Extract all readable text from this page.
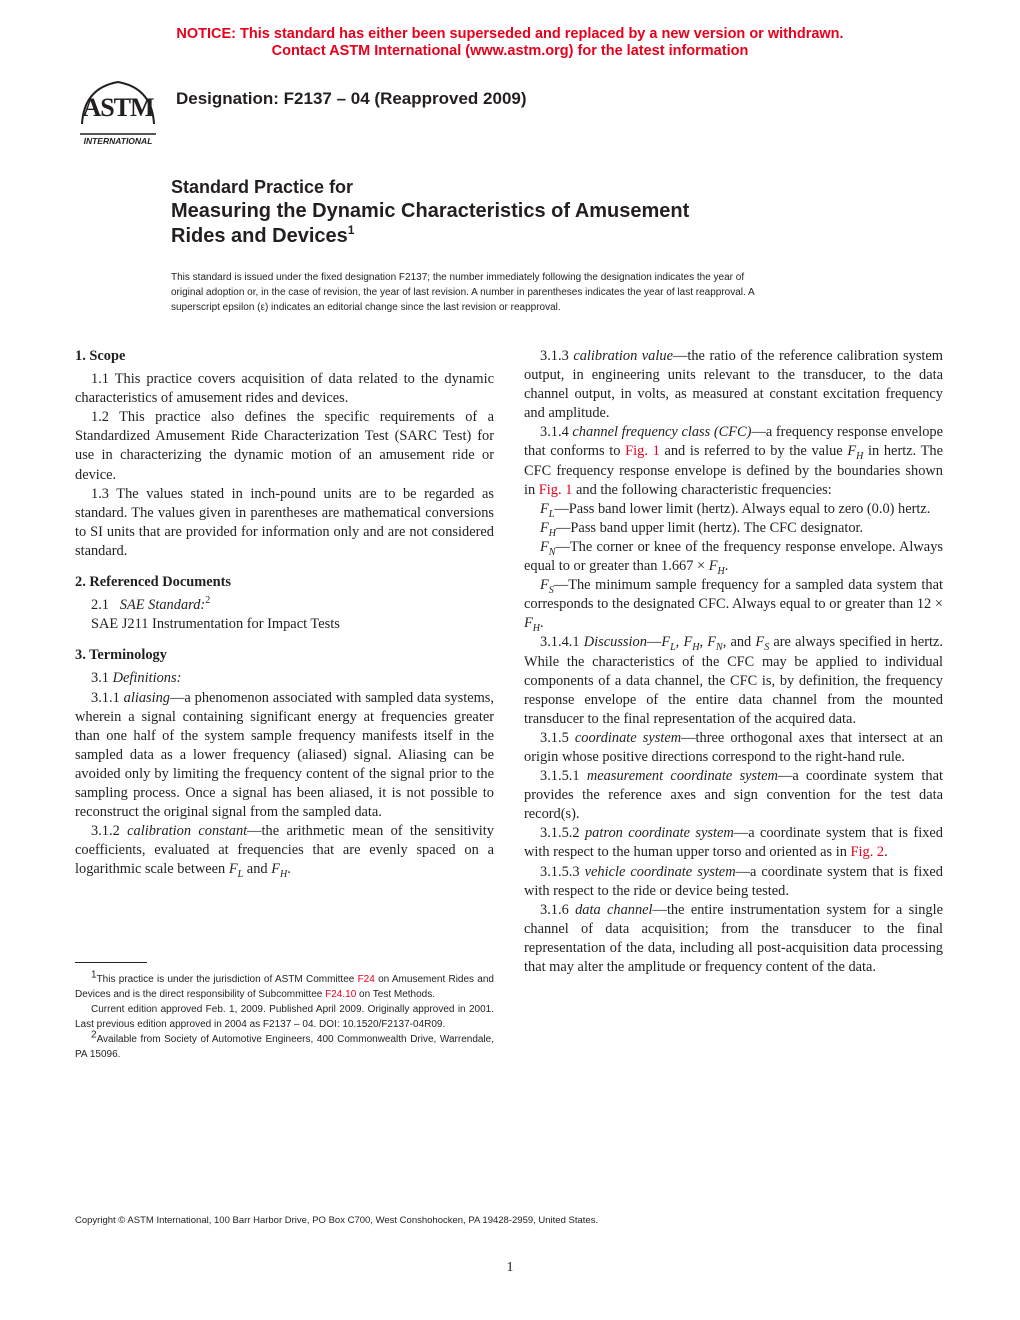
NOTICE: This standard has either been superseded and replaced by a new version or withdrawn.
Contact ASTM International (www.astm.org) for the latest information
ASTM
INTERNATIONAL
Designation: F2137 – 04 (Reapproved 2009)
Standard Practice for
Measuring the Dynamic Characteristics of Amusement
Rides and Devices$^1$
This standard is issued under the fixed designation F2137; the number immediately following the designation indicates the year of
original adoption or, in the case of revision, the year of last revision. A number in parentheses indicates the year of last reapproval. A
superscript epsilon (ε) indicates an editorial change since the last revision or reapproval.

1. Scope

1.1 This practice covers acquisition of data related to the dynamic characteristics of amusement rides and devices.

1.2 This practice also defines the specific requirements of a Standardized Amusement Ride Characterization Test (SARC Test) for use in characterizing the dynamic motion of an amusement ride or device.

1.3 The values stated in inch-pound units are to be regarded as standard. The values given in parentheses are mathematical conversions to SI units that are provided for information only and are not considered standard.

2. Referenced Documents

2.1 SAE Standard:$^2$

SAE J211 Instrumentation for Impact Tests

3. Terminology

3.1 Definitions:

3.1.1 aliasing—a phenomenon associated with sampled data systems, wherein a signal containing significant energy at frequencies greater than one half of the system sample frequency manifests itself in the sampled data as a lower frequency (aliased) signal. Aliasing can be avoided only by limiting the frequency content of the signal prior to the sampling process. Once a signal has been aliased, it is not possible to reconstruct the original signal from the sampled data.

3.1.2 calibration constant—the arithmetic mean of the sensitivity coefficients, evaluated at frequencies that are evenly spaced on a logarithmic scale between $F_L$ and $F_H$.

$^1$This practice is under the jurisdiction of ASTM Committee F24 on Amusement Rides and Devices and is the direct responsibility of Subcommittee F24.10 on Test Methods.

Current edition approved Feb. 1, 2009. Published April 2009. Originally approved in 2001. Last previous edition approved in 2004 as F2137 – 04. DOI: 10.1520/F2137-04R09.

$^2$Available from Society of Automotive Engineers, 400 Commonwealth Drive, Warrendale, PA 15096.

3.1.3 calibration value—the ratio of the reference calibration system output, in engineering units relevant to the transducer, to the data channel output, in volts, as measured at constant excitation frequency and amplitude.

3.1.4 channel frequency class (CFC)—a frequency response envelope that conforms to Fig. 1 and is referred to by the value $F_H$ in hertz. The CFC frequency response envelope is defined by the boundaries shown in Fig. 1 and the following characteristic frequencies:

$F_L—Pass$ band lower limit (hertz). Always equal to zero (0.0) hertz.

$F_H—Pass$ band upper limit (hertz). The CFC designator.

$F_N—The$ corner or knee of the frequency response envelope. Always equal to or greater than $1.667 \times F_H$.

$F_S—The$ minimum sample frequency for a sampled data system that corresponds to the designated CFC. Always equal to or greater than $12 \times F_H$.

3.1.4.1 $Discussion—F_L$, $F_H$, $F_N$, and $F_S$ are always specified in hertz. While the characteristics of the CFC may be applied to individual components of a data channel, the CFC is, by definition, the frequency response envelope of the entire data channel from the mounted transducer to the final representation of the acquired data.

3.1.5 coordinate system—three orthogonal axes that intersect at an origin whose positive directions correspond to the right-hand rule.

3.1.5.1 measurement coordinate system—a coordinate system that provides the reference axes and sign convention for the test data record(s).

3.1.5.2 patron coordinate system—a coordinate system that is fixed with respect to the human upper torso and oriented as in Fig. 2.

3.1.5.3 vehicle coordinate system—a coordinate system that is fixed with respect to the ride or device being tested.

3.1.6 data channel—the entire instrumentation system for a single channel of data acquisition; from the transducer to the final representation of the data, including all post-acquisition data processing that may alter the amplitude or frequency content of the data.

Copyright © ASTM International, 100 Barr Harbor Drive, PO Box C700, West Conshohocken, PA 19428-2959, United States.
1
